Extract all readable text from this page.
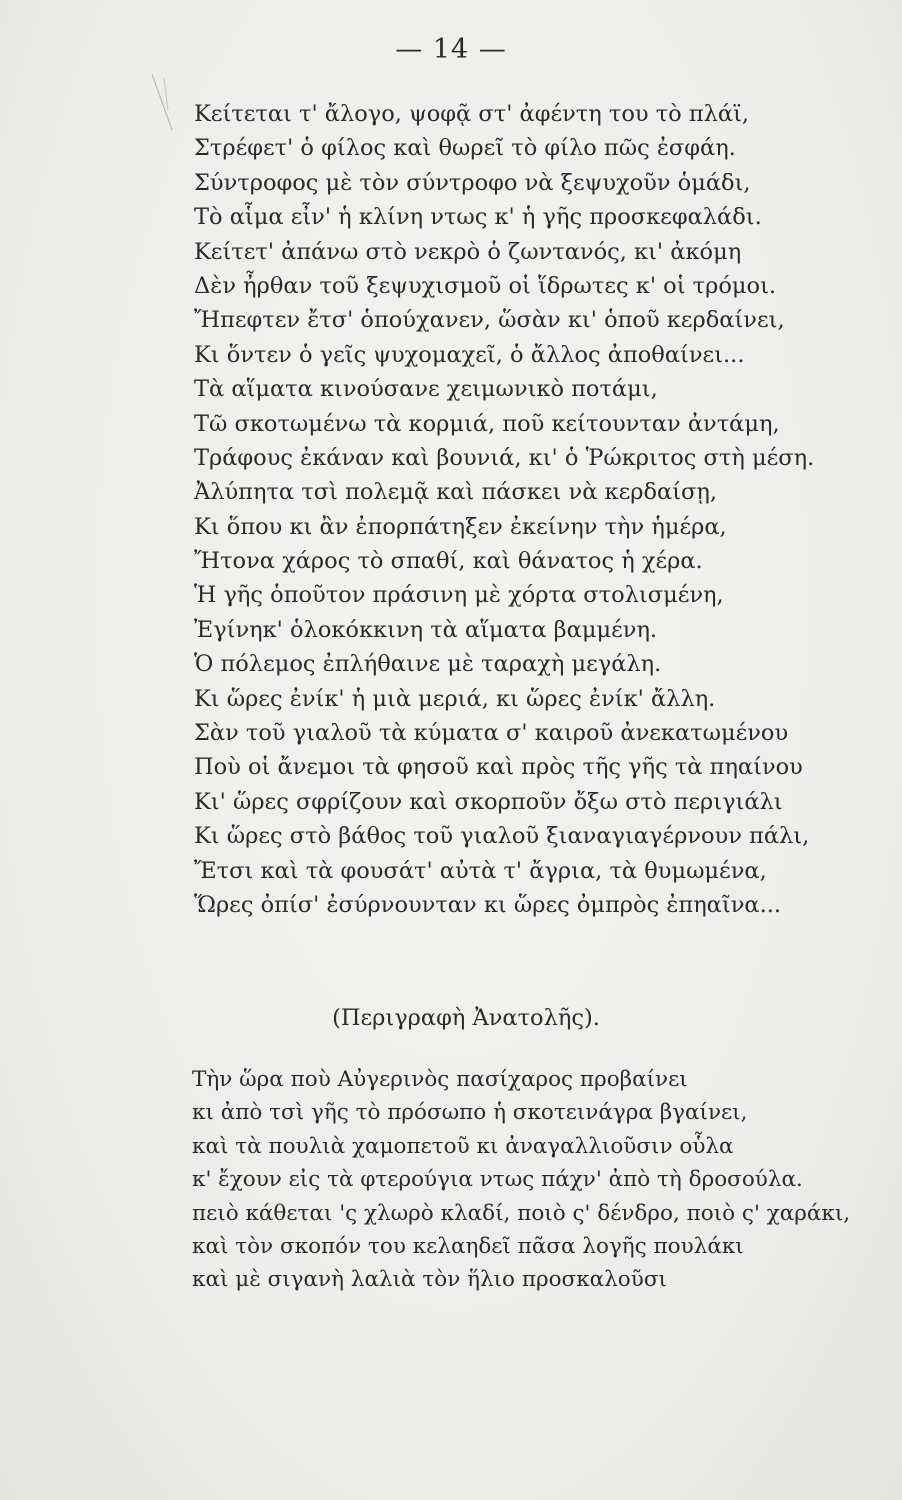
— 14 —
Κείτεται τ' ἄλογο, ψοφᾷ στ' ἀφέντη του τὸ πλάϊ,
Στρέφετ' ὁ φίλος καὶ θωρεῖ τὸ φίλο πῶς ἐσφάη.
Σύντροφος μὲ τὸν σύντροφο νὰ ξεψυχοῦν ὁμάδι,
Τὸ αἷμα εἶν' ἡ κλίνη ντως κ' ἡ γῆς προσκεφαλάδι.
Κείτετ' ἀπάνω στὸ νεκρὸ ὁ ζωντανός, κι' ἀκόμη
Δὲν ἦρθαν τοῦ ξεψυχισμοῦ οἱ ἵδρωτες κ' οἱ τρόμοι.
Ἤπεφτεν ἔτσ' ὁπούχανεν, ὥσὰν κι' ὁποῦ κερδαίνει,
Κι ὅντεν ὁ γεῖς ψυχομαχεῖ, ὁ ἄλλος ἀποθαίνει...
Τὰ αἵματα κινούσανε χειμωνικὸ ποτάμι,
Τῶ σκοτωμένω τὰ κορμιά, ποῦ κείτουνταν ἀντάμη,
Τράφους ἐκάναν καὶ βουνιά, κι' ὁ Ῥώκριτος στὴ μέση.
Ἀλύπητα τσὶ πολεμᾷ καὶ πάσκει νὰ κερδαίσῃ,
Κι ὅπου κι ἂν ἐπορπάτηξεν ἐκείνην τὴν ἡμέρα,
Ἤτονα χάρος τὸ σπαθί, καὶ θάνατος ἡ χέρα.
Ἡ γῆς ὁποῦτον πράσινη μὲ χόρτα στολισμένη,
Ἐγίνηκ' ὁλοκόκκινη τὰ αἵματα βαμμένη.
Ὁ πόλεμος ἐπλήθαινε μὲ ταραχὴ μεγάλη.
Κι ὥρες ἐνίκ' ἡ μιὰ μεριά, κι ὥρες ἐνίκ' ἄλλη.
Σὰν τοῦ γιαλοῦ τὰ κύματα σ' καιροῦ ἀνεκατωμένου
Ποὺ οἱ ἄνεμοι τὰ φησοῦ καὶ πρὸς τῆς γῆς τὰ πηαίνου
Κι' ὥρες σφρίζουν καὶ σκορποῦν ὄξω στὸ περιγιάλι
Κι ὥρες στὸ βάθος τοῦ γιαλοῦ ξιαναγιαγέρνουν πάλι,
Ἔτσι καὶ τὰ φουσάτ' αὐτὰ τ' ἄγρια, τὰ θυμωμένα,
Ὥρες ὀπίσ' ἐσύρνουνταν κι ὥρες ὀμπρὸς ἐπηαῖνα...
(Περιγραφὴ Ἀνατολῆς).
Τὴν ὥρα ποὺ Αὐγερινὸς πασίχαρος προβαίνει
κι ἀπὸ τσὶ γῆς τὸ πρόσωπο ἡ σκοτεινάγρα βγαίνει,
καὶ τὰ πουλιὰ χαμοπετοῦ κι ἀναγαλλιοῦσιν οὗλα
κ' ἔχουν εἰς τὰ φτερούγια ντως πάχν' ἀπὸ τὴ δροσούλα.
πειὸ κάθεται 'ς χλωρὸ κλαδί, ποιὸ ς' δένδρο, ποιὸ ς' χαράκι,
καὶ τὸν σκοπόν του κελαηδεῖ πᾶσα λογῆς πουλάκι
καὶ μὲ σιγανὴ λαλιὰ τὸν ἥλιο προσκαλοῦσι
